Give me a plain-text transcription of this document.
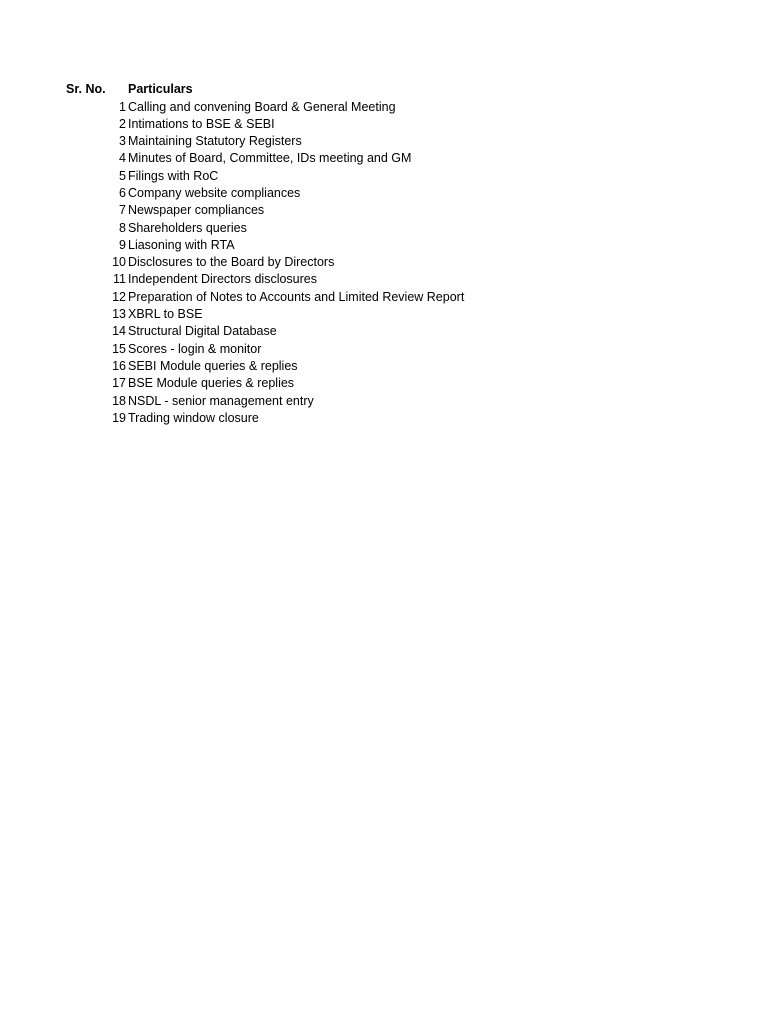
Sr. No. Particulars
1 Calling and convening Board & General Meeting
2 Intimations to BSE & SEBI
3 Maintaining Statutory Registers
4 Minutes of Board, Committee, IDs meeting and GM
5 Filings with RoC
6 Company website compliances
7 Newspaper compliances
8 Shareholders queries
9 Liasoning with RTA
10 Disclosures to the Board by Directors
11 Independent Directors disclosures
12 Preparation of Notes to Accounts and Limited Review Report
13 XBRL to BSE
14 Structural Digital Database
15 Scores - login & monitor
16 SEBI Module queries & replies
17 BSE Module queries & replies
18 NSDL - senior management entry
19 Trading window closure
